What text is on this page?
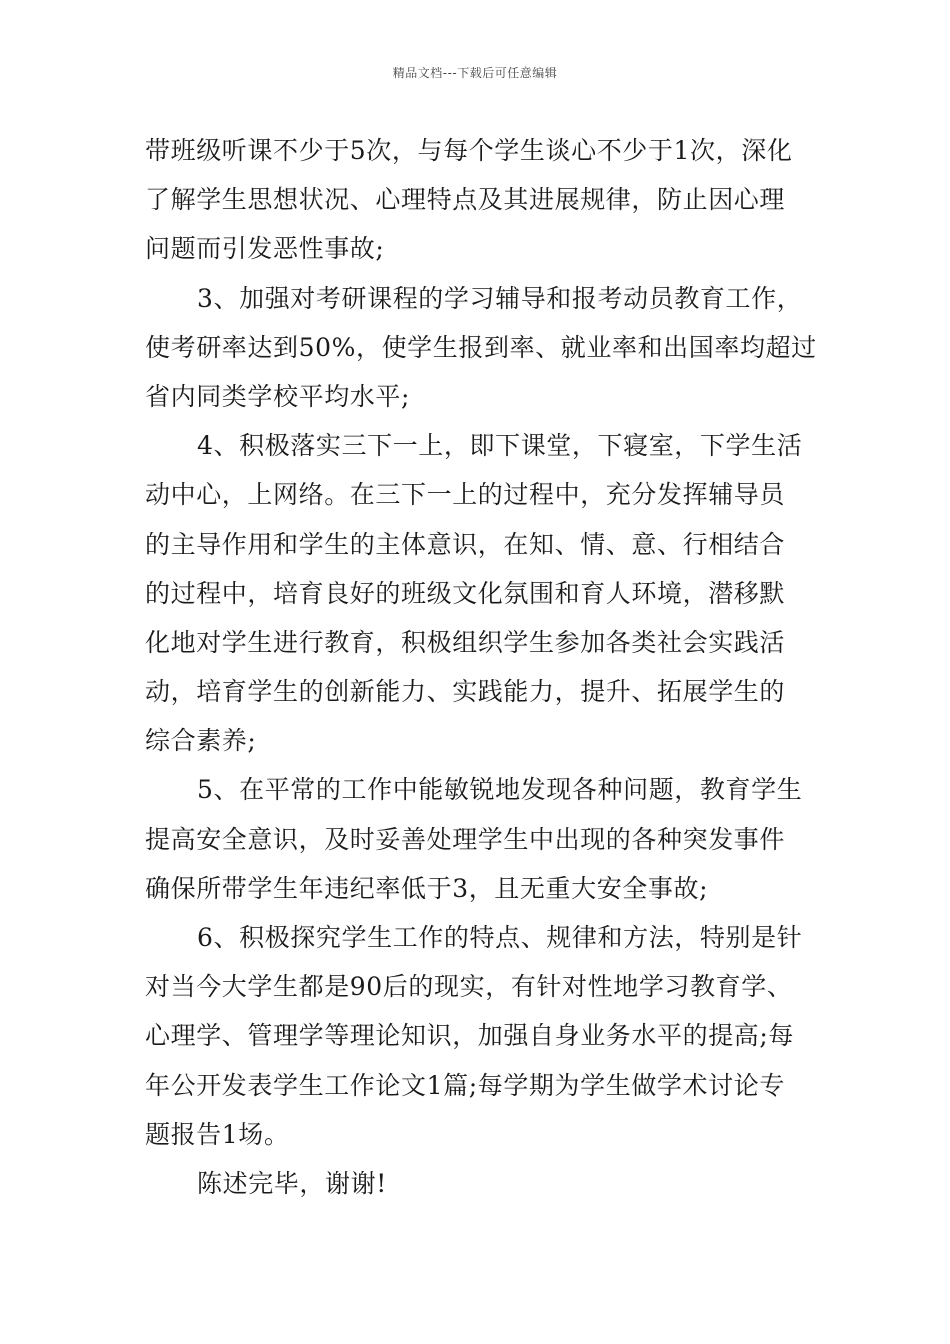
精品文档---下载后可任意编辑
带班级听课不少于5次，与每个学生谈心不少于1次，深化
了解学生思想状况、心理特点及其进展规律，防止因心理
问题而引发恶性事故;
3、加强对考研课程的学习辅导和报考动员教育工作，
使考研率达到50%，使学生报到率、就业率和出国率均超过
省内同类学校平均水平;
4、积极落实三下一上，即下课堂，下寝室，下学生活
动中心，上网络。在三下一上的过程中，充分发挥辅导员
的主导作用和学生的主体意识，在知、情、意、行相结合
的过程中，培育良好的班级文化氛围和育人环境，潜移默
化地对学生进行教育，积极组织学生参加各类社会实践活
动，培育学生的创新能力、实践能力，提升、拓展学生的
综合素养;
5、在平常的工作中能敏锐地发现各种问题，教育学生
提高安全意识，及时妥善处理学生中出现的各种突发事件
确保所带学生年违纪率低于3，且无重大安全事故;
6、积极探究学生工作的特点、规律和方法，特别是针
对当今大学生都是90后的现实，有针对性地学习教育学、
心理学、管理学等理论知识，加强自身业务水平的提高;每
年公开发表学生工作论文1篇;每学期为学生做学术讨论专
题报告1场。
陈述完毕，谢谢!
